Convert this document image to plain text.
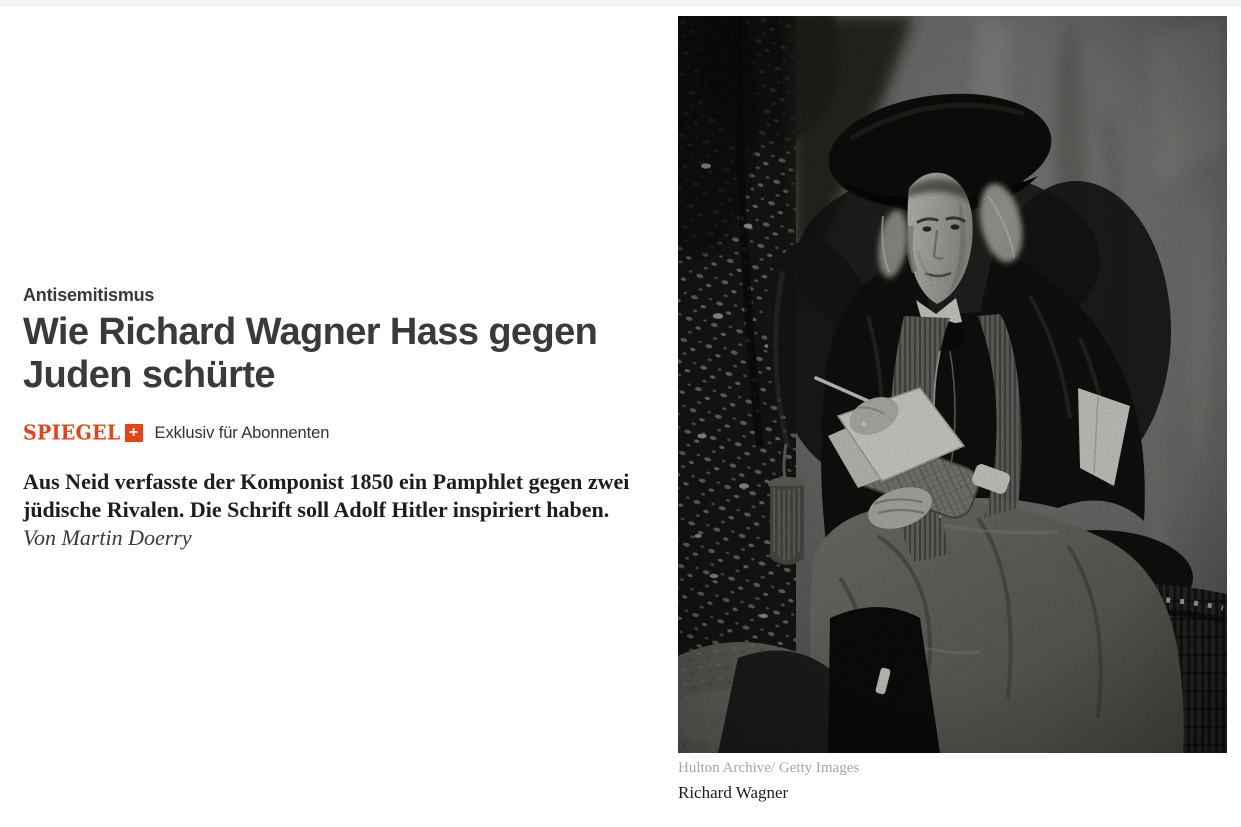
Antisemitismus
Wie Richard Wagner Hass gegen Juden schürte
SPIEGEL + Exklusiv für Abonnenten

Aus Neid verfasste der Komponist 1850 ein Pamphlet gegen zwei jüdische Rivalen. Die Schrift soll Adolf Hitler inspiriert haben. Von Martin Doerry

Hulton Archive/ Getty Images
Richard Wagner
